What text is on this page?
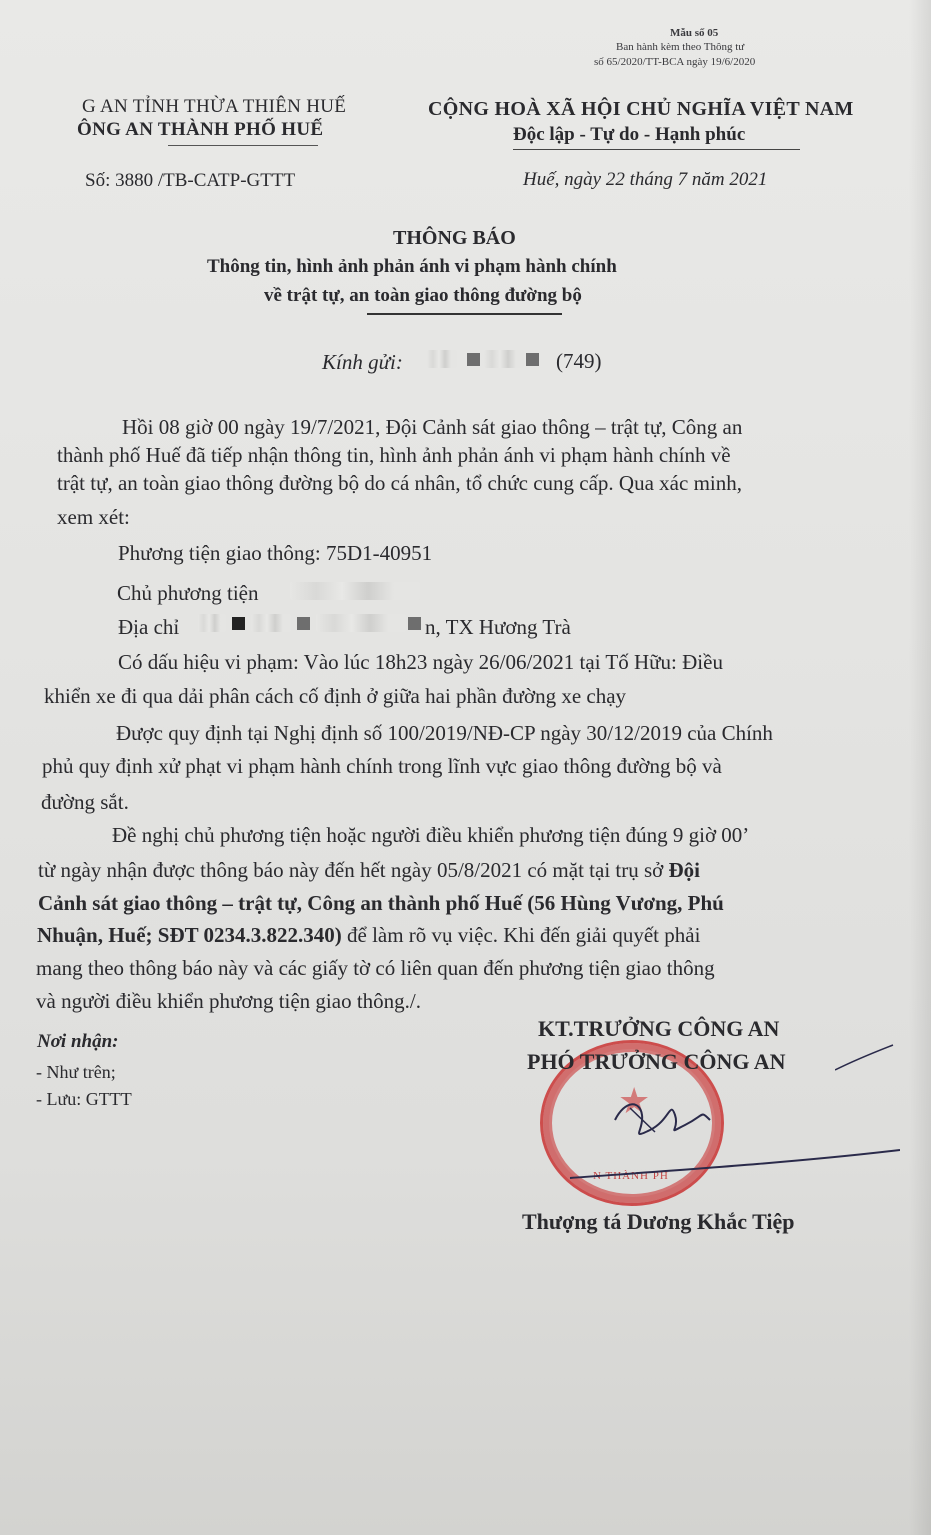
Mẫu số 05
Ban hành kèm theo Thông tư
số 65/2020/TT-BCA ngày 19/6/2020
G AN TỈNH THỪA THIÊN HUẾ
ÔNG AN THÀNH PHỐ HUẾ
Số: 3880 /TB-CATP-GTTT
CỘNG HOÀ XÃ HỘI CHỦ NGHĨA VIỆT NAM
Độc lập - Tự do - Hạnh phúc
Huế, ngày 22 tháng 7 năm 2021
THÔNG BÁO
Thông tin, hình ảnh phản ánh vi phạm hành chính
về trật tự, an toàn giao thông đường bộ
Kính gửi:	(749)
Hồi 08 giờ 00 ngày 19/7/2021, Đội Cảnh sát giao thông – trật tự, Công an
thành phố Huế đã tiếp nhận thông tin, hình ảnh phản ánh vi phạm hành chính về
trật tự, an toàn giao thông đường bộ do cá nhân, tổ chức cung cấp. Qua xác minh,
xem xét:
Phương tiện giao thông: 75D1-40951
Chủ phương tiện
Địa chỉ	n, TX Hương Trà
Có dấu hiệu vi phạm: Vào lúc 18h23 ngày 26/06/2021 tại Tố Hữu: Điều
khiển xe đi qua dải phân cách cố định ở giữa hai phần đường xe chạy
Được quy định tại Nghị định số 100/2019/NĐ-CP ngày 30/12/2019 của Chính
phủ quy định xử phạt vi phạm hành chính trong lĩnh vực giao thông đường bộ và
đường sắt.
Đề nghị chủ phương tiện hoặc người điều khiển phương tiện đúng 9 giờ 00’
từ ngày nhận được thông báo này đến hết ngày 05/8/2021 có mặt tại trụ sở Đội
Cảnh sát giao thông – trật tự, Công an thành phố Huế (56 Hùng Vương, Phú
Nhuận, Huế; SĐT 0234.3.822.340) để làm rõ vụ việc. Khi đến giải quyết phải
mang theo thông báo này và các giấy tờ có liên quan đến phương tiện giao thông
và người điều khiển phương tiện giao thông./.
Nơi nhận:
- Như trên;
- Lưu: GTTT	★
N THÀNH PH
KT.TRƯỞNG CÔNG AN
PHÓ TRƯỞNG CÔNG AN
Thượng tá Dương Khắc Tiệp
